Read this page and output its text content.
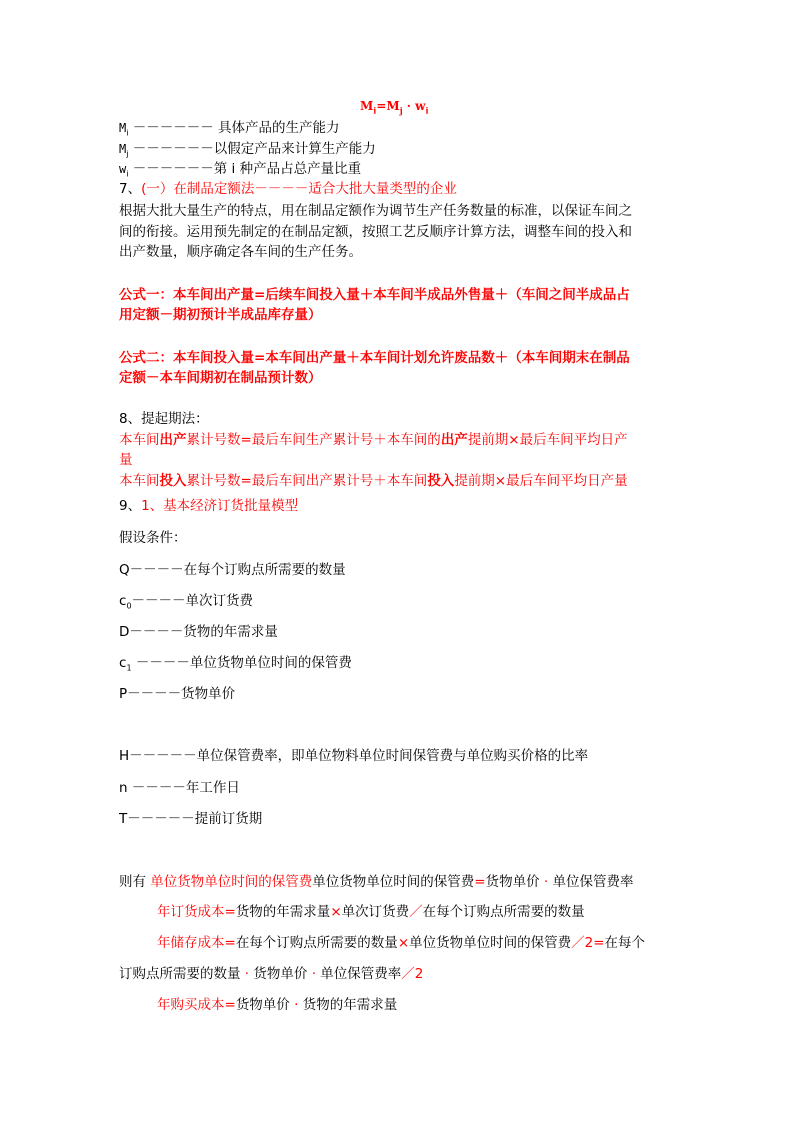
$M_i=M_j \cdot w_i$
$M_i$ －－－－－－ 具体产品的生产能力
$M_j$ －－－－－－以假定产品来计算生产能力
$w_i$ －－－－－－第 i 种产品占总产量比重
7、(一）在制品定额法－－－－适合大批大量类型的企业
根据大批大量生产的特点，用在制品定额作为调节生产任务数量的标准，以保证车间之
间的衔接。运用预先制定的在制品定额，按照工艺反顺序计算方法，调整车间的投入和
出产数量，顺序确定各车间的生产任务。
公式一：本车间出产量=后续车间投入量＋本车间半成品外售量＋（车间之间半成品占
用定额－期初预计半成品库存量）
公式二：本车间投入量=本车间出产量＋本车间计划允许废品数＋（本车间期末在制品
定额－本车间期初在制品预计数）
8、提起期法：
本车间出产累计号数=最后车间生产累计号＋本车间的出产提前期×最后车间平均日产
量
本车间投入累计号数=最后车间出产累计号＋本车间投入提前期×最后车间平均日产量
9、1、基本经济订货批量模型
假设条件：
Q－－－－在每个订购点所需要的数量
$c_0----$单次订货费
D－－－－货物的年需求量
$c_1$ －－－－单位货物单位时间的保管费
P－－－－货物单价
H－－－－－单位保管费率，即单位物料单位时间保管费与单位购买价格的比率
n －－－－年工作日
T－－－－－提前订货期
则有 单位货物单位时间的保管费单位货物单位时间的保管费=货物单价 · 单位保管费率
年订货成本=货物的年需求量×单次订货费／在每个订购点所需要的数量
年储存成本=在每个订购点所需要的数量×单位货物单位时间的保管费／2=在每个
订购点所需要的数量 · 货物单价 · 单位保管费率／2
年购买成本=货物单价 · 货物的年需求量
